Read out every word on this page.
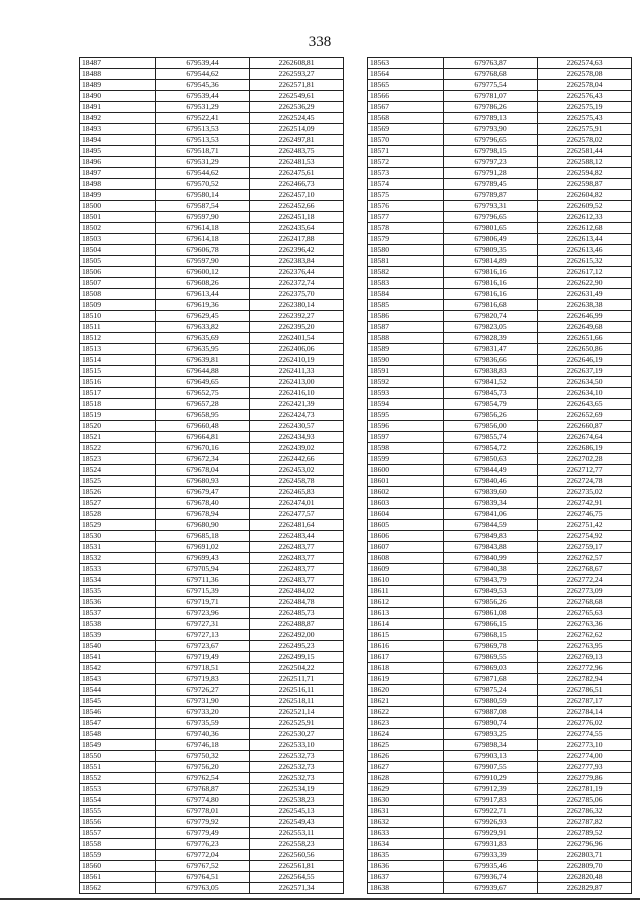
338
18487	679539,44	2262608,81
18488	679544,62	2262593,27
18489	679545,36	2262571,81
18490	679539,44	2262549,61
18491	679531,29	2262536,29
18492	679522,41	2262524,45
18493	679513,53	2262514,09
18494	679513,53	2262497,81
18495	679518,71	2262483,75
18496	679531,29	2262481,53
18497	679544,62	2262475,61
18498	679570,52	2262466,73
18499	679580,14	2262457,10
18500	679587,54	2262452,66
18501	679597,90	2262451,18
18502	679614,18	2262435,64
18503	679614,18	2262417,88
18504	679606,78	2262396,42
18505	679597,90	2262383,84
18506	679600,12	2262376,44
18507	679608,26	2262372,74
18508	679613,44	2262375,70
18509	679619,36	2262380,14
18510	679629,45	2262392,27
18511	679633,82	2262395,20
18512	679635,69	2262401,54
18513	679635,95	2262406,06
18514	679639,81	2262410,19
18515	679644,88	2262411,33
18516	679649,65	2262413,00
18517	679652,75	2262416,10
18518	679657,28	2262421,39
18519	679658,95	2262424,73
18520	679660,48	2262430,57
18521	679664,81	2262434,93
18522	679670,16	2262439,02
18523	679672,34	2262442,66
18524	679678,04	2262453,02
18525	679680,93	2262458,78
18526	679679,47	2262465,83
18527	679678,40	2262474,01
18528	679678,94	2262477,57
18529	679680,90	2262481,64
18530	679685,18	2262483,44
18531	679691,02	2262483,77
18532	679699,43	2262483,77
18533	679705,94	2262483,77
18534	679711,36	2262483,77
18535	679715,39	2262484,02
18536	679719,71	2262484,78
18537	679723,96	2262485,73
18538	679727,31	2262488,87
18539	679727,13	2262492,00
18540	679723,67	2262495,23
18541	679719,49	2262499,15
18542	679718,51	2262504,22
18543	679719,83	2262511,71
18544	679726,27	2262516,11
18545	679731,90	2262518,11
18546	679733,20	2262521,14
18547	679735,59	2262525,91
18548	679740,36	2262530,27
18549	679746,18	2262533,10
18550	679750,32	2262532,73
18551	679756,20	2262532,73
18552	679762,54	2262532,73
18553	679768,87	2262534,19
18554	679774,80	2262538,23
18555	679778,01	2262545,13
18556	679779,92	2262549,43
18557	679779,49	2262553,11
18558	679776,23	2262558,23
18559	679772,04	2262560,56
18560	679767,52	2262561,81
18561	679764,51	2262564,55
18562	679763,05	2262571,34
18563	679763,87	2262574,63
18564	679768,68	2262578,08
18565	679775,54	2262578,04
18566	679781,07	2262576,43
18567	679786,26	2262575,19
18568	679789,13	2262575,43
18569	679793,90	2262575,91
18570	679796,65	2262578,02
18571	679798,15	2262581,44
18572	679797,23	2262588,12
18573	679791,28	2262594,82
18574	679789,45	2262598,87
18575	679789,87	2262604,82
18576	679793,31	2262609,52
18577	679796,65	2262612,33
18578	679801,65	2262612,68
18579	679806,49	2262613,44
18580	679809,35	2262613,46
18581	679814,89	2262615,32
18582	679816,16	2262617,12
18583	679816,16	2262622,90
18584	679816,16	2262631,49
18585	679816,68	2262638,38
18586	679820,74	2262646,99
18587	679823,05	2262649,68
18588	679828,39	2262651,66
18589	679831,47	2262650,86
18590	679836,66	2262646,19
18591	679838,83	2262637,19
18592	679841,52	2262634,50
18593	679845,73	2262634,10
18594	679854,79	2262643,65
18595	679856,26	2262652,69
18596	679856,00	2262660,87
18597	679855,74	2262674,64
18598	679854,72	2262686,19
18599	679850,63	2262702,28
18600	679844,49	2262712,77
18601	679840,46	2262724,78
18602	679839,60	2262735,02
18603	679839,34	2262742,91
18604	679841,06	2262746,75
18605	679844,59	2262751,42
18606	679849,83	2262754,92
18607	679843,88	2262759,17
18608	679840,99	2262762,57
18609	679840,38	2262768,67
18610	679843,79	2262772,24
18611	679849,53	2262773,09
18612	679856,26	2262768,68
18613	679861,08	2262765,63
18614	679866,15	2262763,36
18615	679868,15	2262762,62
18616	679869,78	2262763,95
18617	679869,55	2262769,13
18618	679869,03	2262772,96
18619	679871,68	2262782,94
18620	679875,24	2262786,51
18621	679880,59	2262787,17
18622	679887,08	2262784,14
18623	679890,74	2262776,02
18624	679893,25	2262774,55
18625	679898,34	2262773,10
18626	679903,13	2262774,00
18627	679907,55	2262777,93
18628	679910,29	2262779,86
18629	679912,39	2262781,19
18630	679917,83	2262785,06
18631	679922,71	2262786,32
18632	679926,93	2262787,82
18633	679929,91	2262789,52
18634	679931,83	2262796,96
18635	679933,39	2262803,71
18636	679935,46	2262809,70
18637	679936,74	2262820,48
18638	679939,67	2262829,87
